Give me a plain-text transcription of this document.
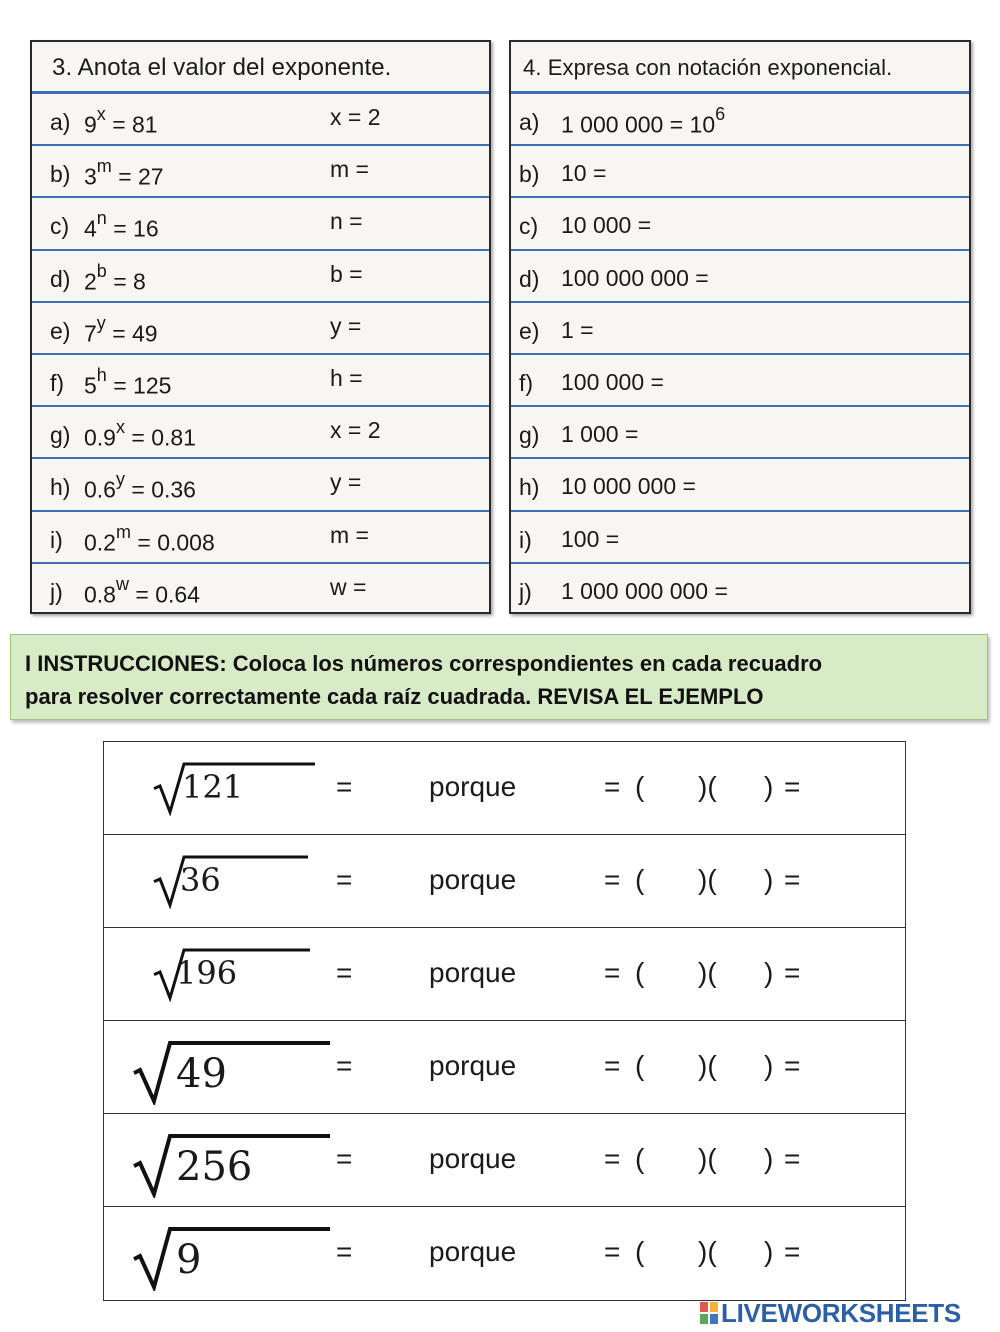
3. Anota el valor del exponente.
a) $9^x = 81$	x = 2
b) $3^m = 27$	m =
c) $4^n = 16$	n =
d) $2^b = 8$	b =
e) $7^y = 49$	y =
f) $5^h = 125$	h =
g) $0.9^x = 0.81$	x = 2
h) $0.6^y = 0.36$	y =
i) $0.2^m = 0.008$	m =
j) $0.8^w = 0.64$	w =
4. Expresa con notación exponencial.
a) 1 000 $000 = 10^6$
b) 10 =
c) 10 000 =
d) 100 000 000 =
e) 1 =
f) 100 000 =
g) 1 000 =
h) 10 000 000 =
i) 100 =
j) 1 000 000 000 =
I INSTRUCCIONES: Coloca los números correspondientes en cada recuadro
para resolver correctamente cada raíz cuadrada. REVISA EL EJEMPLO
121	=	porque	= ( )( ) =
36	=	porque	= ( )( ) =
196	=	porque	= ( )( ) =
49	=	porque	= ( )( ) =
256	=	porque	= ( )( ) =
9	=	porque	= ( )( ) =
LIVEWORKSHEETS
